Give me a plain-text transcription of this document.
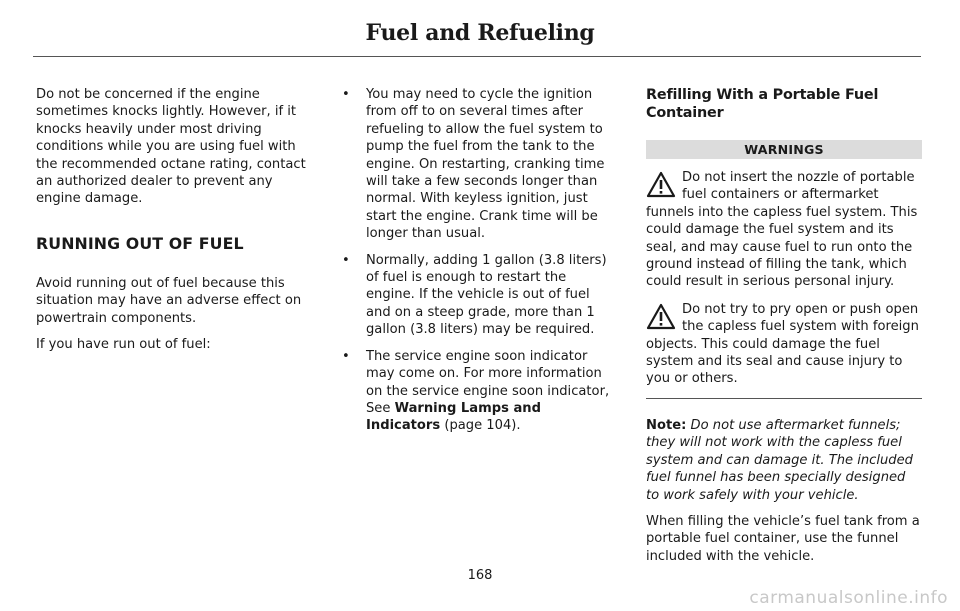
Fuel and Refueling

Do not be concerned if the engine sometimes knocks lightly. However, if it knocks heavily under most driving conditions while you are using fuel with the recommended octane rating, contact an authorized dealer to prevent any engine damage.

RUNNING OUT OF FUEL

Avoid running out of fuel because this situation may have an adverse effect on powertrain components.

If you have run out of fuel:

• You may need to cycle the ignition from off to on several times after refueling to allow the fuel system to pump the fuel from the tank to the engine. On restarting, cranking time will take a few seconds longer than normal. With keyless ignition, just start the engine. Crank time will be longer than usual.
• Normally, adding 1 gallon (3.8 liters) of fuel is enough to restart the engine. If the vehicle is out of fuel and on a steep grade, more than 1 gallon (3.8 liters) may be required.
• The service engine soon indicator may come on. For more information on the service engine soon indicator, See Warning Lamps and Indicators (page 104).
Refilling With a Portable Fuel Container
WARNINGS
Do not insert the nozzle of portable fuel containers or aftermarket funnels into the capless fuel system. This could damage the fuel system and its seal, and may cause fuel to run onto the ground instead of filling the tank, which could result in serious personal injury.
Do not try to pry open or push open the capless fuel system with foreign objects. This could damage the fuel system and its seal and cause injury to you or others.

Note: Do not use aftermarket funnels; they will not work with the capless fuel system and can damage it. The included fuel funnel has been specially designed to work safely with your vehicle.

When filling the vehicle’s fuel tank from a portable fuel container, use the funnel included with the vehicle.

168
carmanualsonline.info
